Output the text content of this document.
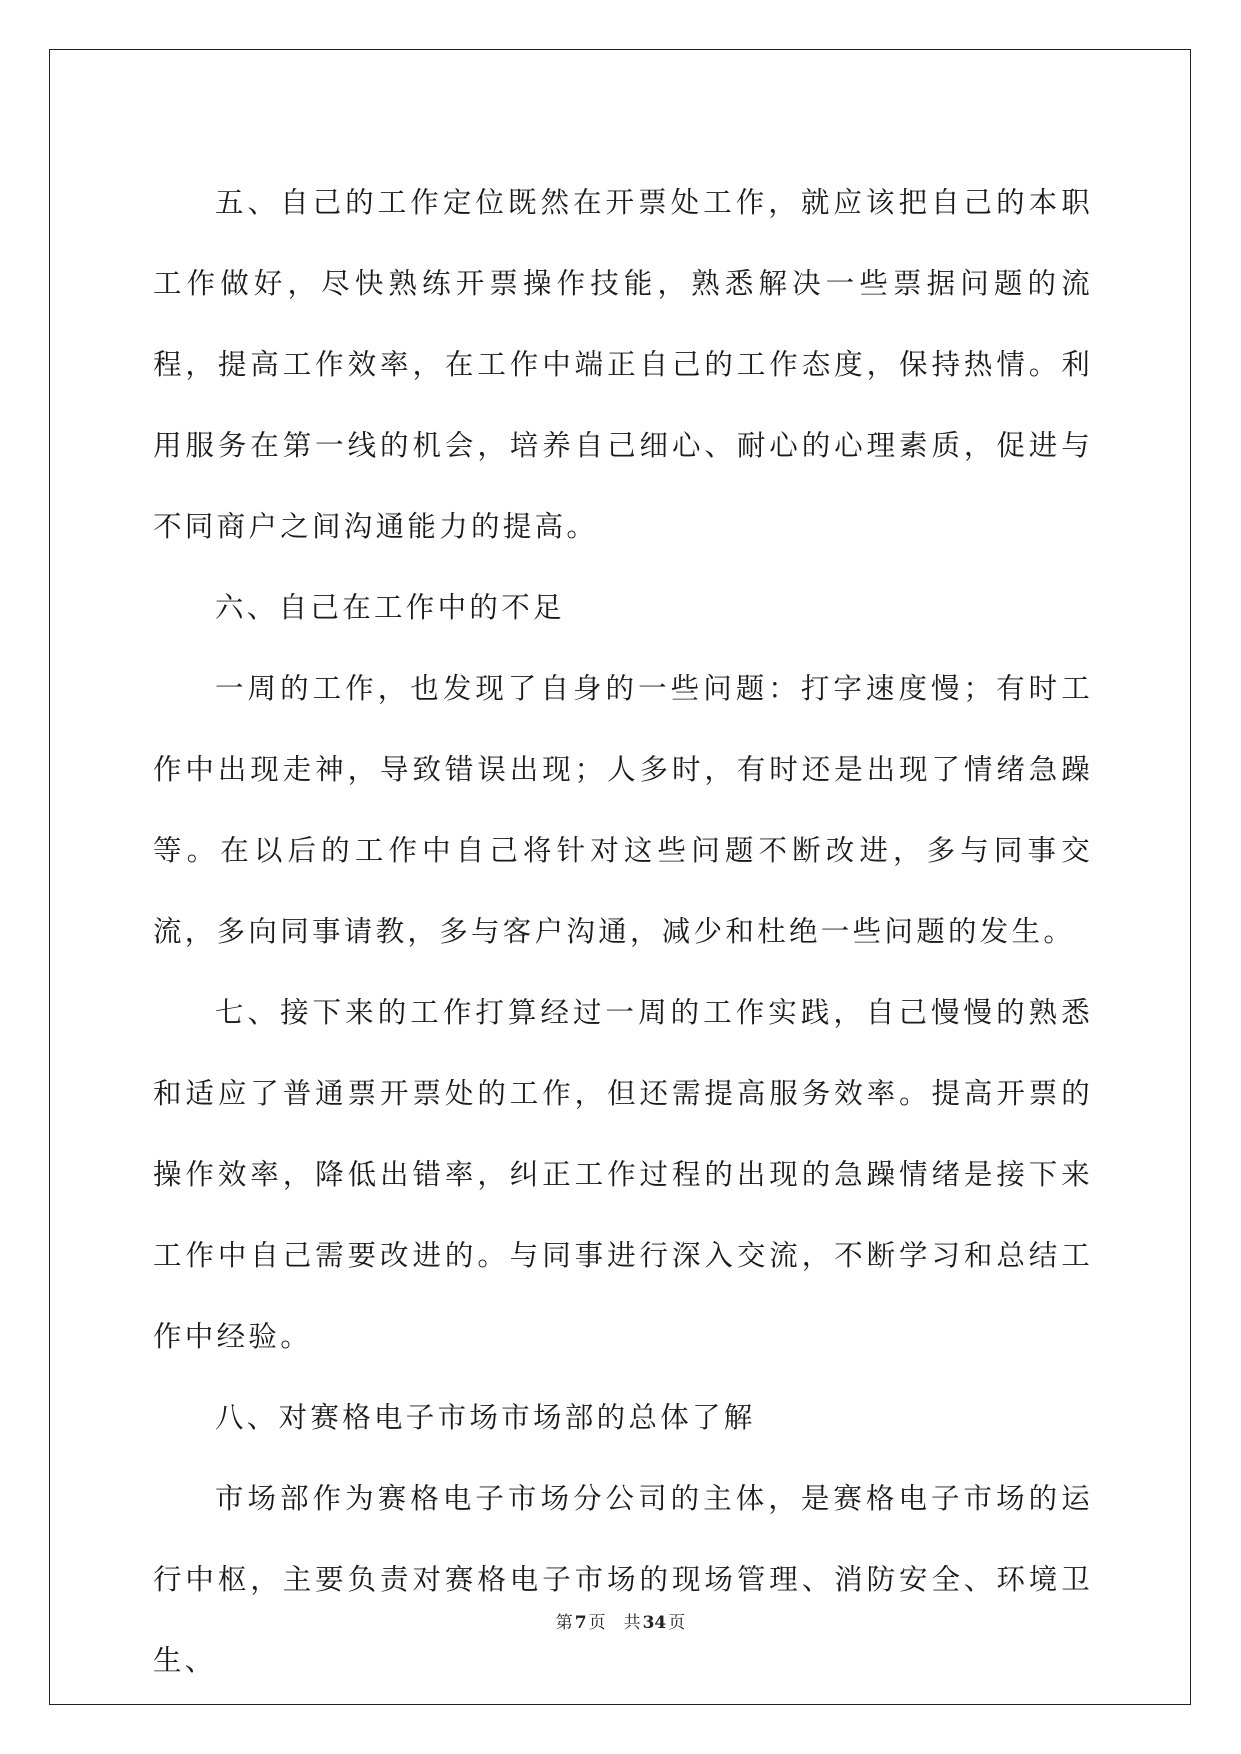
五、自己的工作定位既然在开票处工作，就应该把自己的本职工作做好，尽快熟练开票操作技能，熟悉解决一些票据问题的流程，提高工作效率，在工作中端正自己的工作态度，保持热情。利用服务在第一线的机会，培养自己细心、耐心的心理素质，促进与不同商户之间沟通能力的提高。

六、自己在工作中的不足

一周的工作，也发现了自身的一些问题：打字速度慢；有时工作中出现走神，导致错误出现；人多时，有时还是出现了情绪急躁等。在以后的工作中自己将针对这些问题不断改进，多与同事交流，多向同事请教，多与客户沟通，减少和杜绝一些问题的发生。

七、接下来的工作打算经过一周的工作实践，自己慢慢的熟悉和适应了普通票开票处的工作，但还需提高服务效率。提高开票的操作效率，降低出错率，纠正工作过程的出现的急躁情绪是接下来工作中自己需要改进的。与同事进行深入交流，不断学习和总结工作中经验。

八、对赛格电子市场市场部的总体了解

市场部作为赛格电子市场分公司的主体，是赛格电子市场的运行中枢，主要负责对赛格电子市场的现场管理、消防安全、环境卫生、

第 7 页 共 34 页
